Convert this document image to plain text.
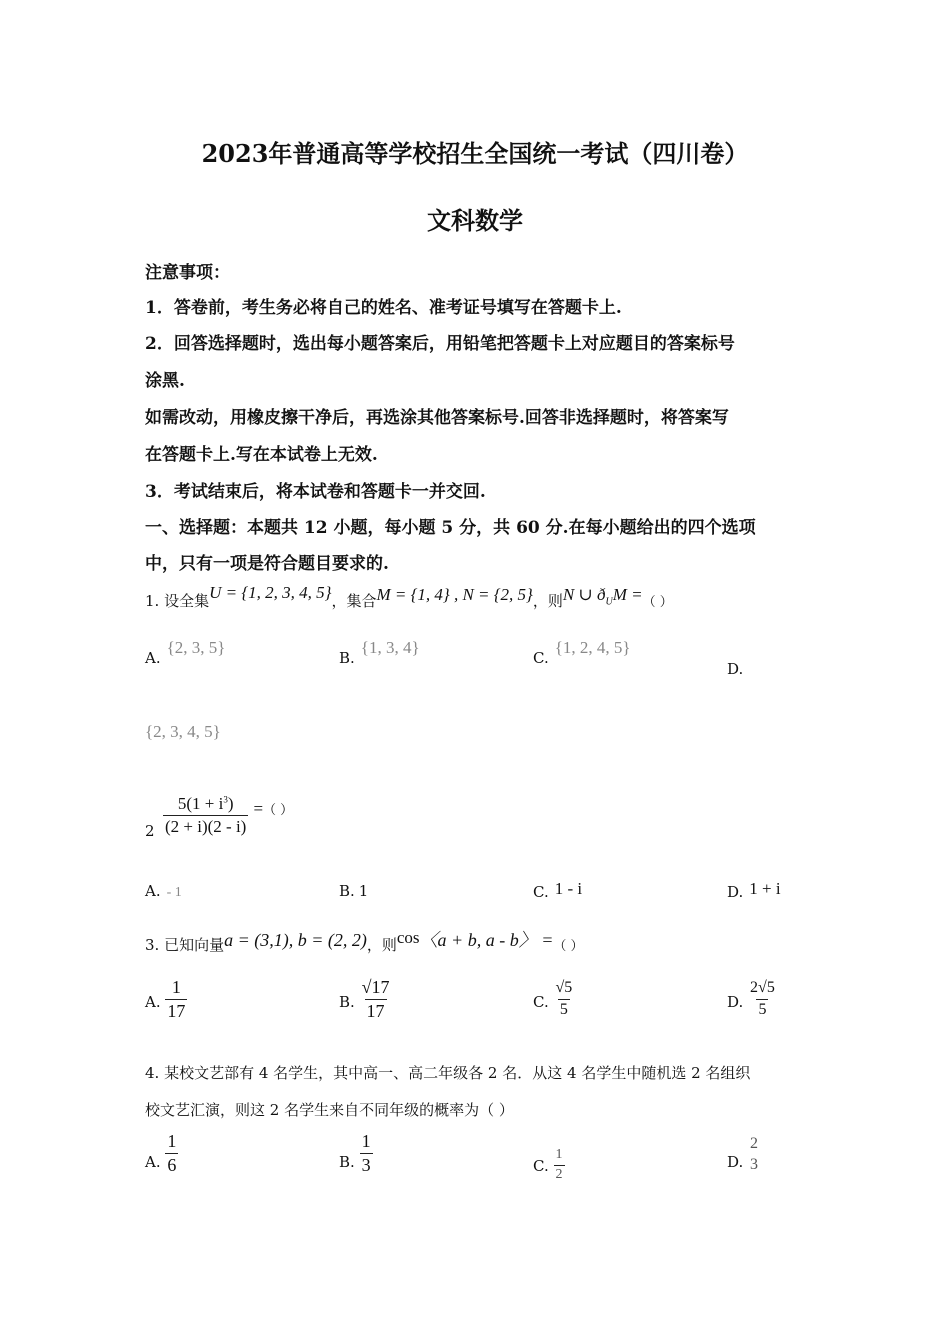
2023年普通高等学校招生全国统一考试（四川卷）
文科数学
注意事项：
1．答卷前，考生务必将自己的姓名、准考证号填写在答题卡上.
2．回答选择题时，选出每小题答案后，用铅笔把答题卡上对应题目的答案标号
涂黑.
如需改动，用橡皮擦干净后，再选涂其他答案标号.回答非选择题时，将答案写
在答题卡上.写在本试卷上无效.
3．考试结束后，将本试卷和答题卡一并交回.
一、选择题：本题共 12 小题，每小题 5 分，共 60 分.在每小题给出的四个选项
中，只有一项是符合题目要求的.
1. 设全集U = {1, 2, 3, 4, 5}，集合M = {1, 4} , N = {2, 5}，则N ∪ $ð_UM$ =（ ）
A.{2, 3, 5}
B.{1, 3, 4}
C.{1, 2, 4, 5}
D.
{2, 3, 4, 5}
$2 \frac{5(1 + i^3)}{(2 + i)(2 - i)} =^{( )}$
A. - 1	B. 1	C. 1 - i	D. 1 + i
3. 已知向量a = (3,1), b = (2, 2)，则cos〈a + b, a - b〉 =（ ）
A. $\frac{1}{17}$	B. $\frac{√17}{17}$	C. $\frac{√5}{5}$	D. $\frac{2√5}{5}$
4. 某校文艺部有 4 名学生，其中高一、高二年级各 2 名．从这 4 名学生中随机选 2 名组织
校文艺汇演，则这 2 名学生来自不同年级的概率为（ ）
A. $\frac{1}{6}$	B. $\frac{1}{3}$	C. $\frac{1}{2}$	D.
2
3
